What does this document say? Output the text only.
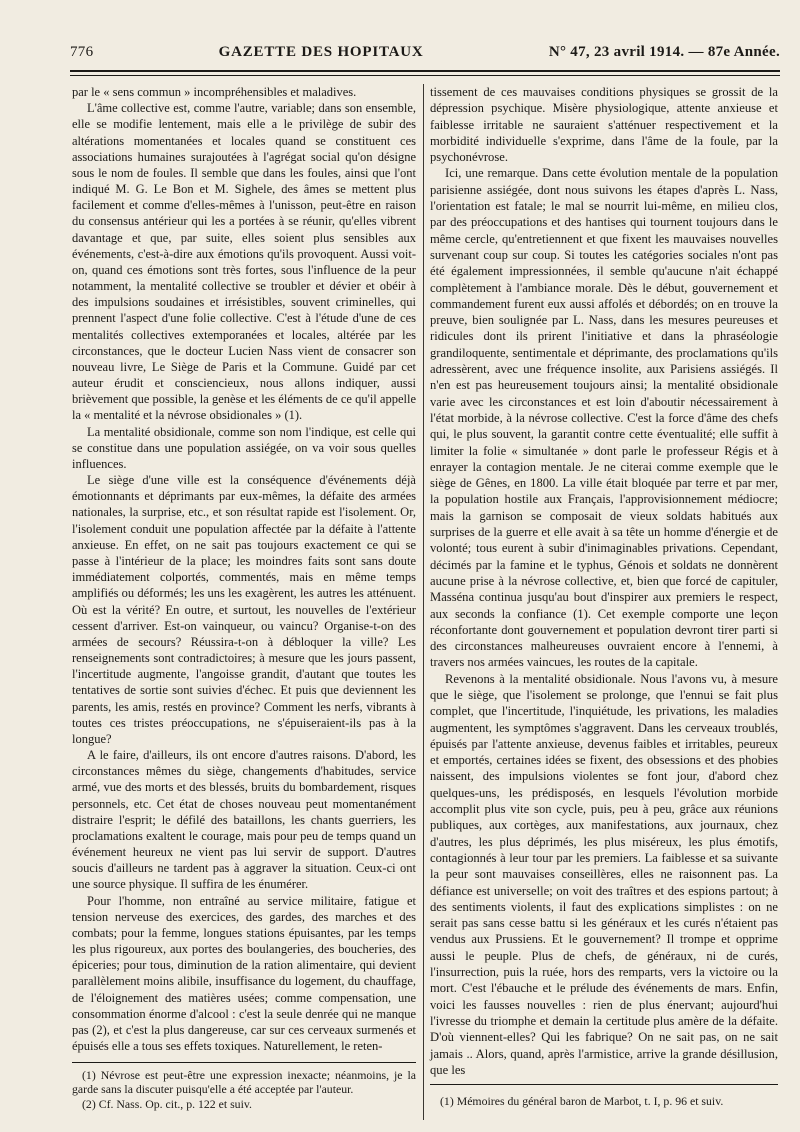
776	GAZETTE DES HOPITAUX	N° 47, 23 avril 1914. — 87e Année.

par le « sens commun » incompréhensibles et maladives.

L'âme collective est, comme l'autre, variable; dans son ensemble, elle se modifie lentement, mais elle a le privilège de subir des altérations momentanées et locales quand se constituent ces associations humaines surajoutées à l'agrégat social qu'on désigne sous le nom de foules. Il semble que dans les foules, ainsi que l'ont indiqué M. G. Le Bon et M. Sighele, des âmes se mettent plus facilement et comme d'elles-mêmes à l'unisson, peut-être en raison du consensus antérieur qui les a portées à se réunir, qu'elles vibrent davantage et que, par suite, elles soient plus sensibles aux événements, c'est-à-dire aux émotions qu'ils provoquent. Aussi voit-on, quand ces émotions sont très fortes, sous l'influence de la peur notamment, la mentalité collective se troubler et dévier et obéir à des impulsions soudaines et irrésistibles, souvent criminelles, qui prennent l'aspect d'une folie collective. C'est à l'étude d'une de ces mentalités collectives extemporanées et locales, altérée par les circonstances, que le docteur Lucien Nass vient de consacrer son nouveau livre, Le Siège de Paris et la Commune. Guidé par cet auteur érudit et consciencieux, nous allons indiquer, aussi brièvement que possible, la genèse et les éléments de ce qu'il appelle la « mentalité et la névrose obsidionales » (1).

La mentalité obsidionale, comme son nom l'indique, est celle qui se constitue dans une population assiégée, on va voir sous quelles influences.

Le siège d'une ville est la conséquence d'événements déjà émotionnants et déprimants par eux-mêmes, la défaite des armées nationales, la surprise, etc., et son résultat rapide est l'isolement. Or, l'isolement conduit une population affectée par la défaite à l'attente anxieuse. En effet, on ne sait pas toujours exactement ce qui se passe à l'intérieur de la place; les moindres faits sont sans doute immédiatement colportés, commentés, mais en même temps amplifiés ou déformés; les uns les exagèrent, les autres les atténuent. Où est la vérité? En outre, et surtout, les nouvelles de l'extérieur cessent d'arriver. Est-on vainqueur, ou vaincu? Organise-t-on des armées de secours? Réussira-t-on à débloquer la ville? Les renseignements sont contradictoires; à mesure que les jours passent, l'incertitude augmente, l'angoisse grandit, d'autant que toutes les tentatives de sortie sont suivies d'échec. Et puis que deviennent les parents, les amis, restés en province? Comment les nerfs, vibrants à toutes ces tristes préoccupations, ne s'épuiseraient-ils pas à la longue?

A le faire, d'ailleurs, ils ont encore d'autres raisons. D'abord, les circonstances mêmes du siège, changements d'habitudes, service armé, vue des morts et des blessés, bruits du bombardement, risques personnels, etc. Cet état de choses nouveau peut momentanément distraire l'esprit; le défilé des bataillons, les chants guerriers, les proclamations exaltent le courage, mais pour peu de temps quand un événement heureux ne vient pas lui servir de support. D'autres soucis d'ailleurs ne tardent pas à aggraver la situation. Ceux-ci ont une source physique. Il suffira de les énumérer.

Pour l'homme, non entraîné au service militaire, fatigue et tension nerveuse des exercices, des gardes, des marches et des combats; pour la femme, longues stations épuisantes, par les temps les plus rigoureux, aux portes des boulangeries, des boucheries, des épiceries; pour tous, diminution de la ration alimentaire, qui devient parallèlement moins alibile, insuffisance du logement, du chauffage, de l'éloignement des matières usées; comme compensation, une consommation énorme d'alcool : c'est la seule denrée qui ne manque pas (2), et c'est la plus dangereuse, car sur ces cerveaux surmenés et épuisés elle a tous ses effets toxiques. Naturellement, le reten-

tissement de ces mauvaises conditions physiques se grossit de la dépression psychique. Misère physiologique, attente anxieuse et faiblesse irritable ne sauraient s'atténuer respectivement et la morbidité individuelle s'exprime, dans l'âme de la foule, par la psychonévrose.

Ici, une remarque. Dans cette évolution mentale de la population parisienne assiégée, dont nous suivons les étapes d'après L. Nass, l'orientation est fatale; le mal se nourrit lui-même, en milieu clos, par des préoccupations et des hantises qui tournent toujours dans le même cercle, qu'entretiennent et que fixent les mauvaises nouvelles survenant coup sur coup. Si toutes les catégories sociales n'ont pas été également impressionnées, il semble qu'aucune n'ait échappé complètement à l'ambiance morale. Dès le début, gouvernement et commandement furent eux aussi affolés et débordés; on en trouve la preuve, bien soulignée par L. Nass, dans les mesures peureuses et ridicules dont ils prirent l'initiative et dans la phraséologie grandiloquente, sentimentale et déprimante, des proclamations qu'ils adressèrent, avec une fréquence insolite, aux Parisiens assiégés. Il n'en est pas heureusement toujours ainsi; la mentalité obsidionale varie avec les circonstances et est loin d'aboutir nécessairement à l'état morbide, à la névrose collective. C'est la force d'âme des chefs qui, le plus souvent, la garantit contre cette éventualité; elle suffit à limiter la folie « simultanée » dont parle le professeur Régis et à enrayer la contagion mentale. Je ne citerai comme exemple que le siège de Gênes, en 1800. La ville était bloquée par terre et par mer, la population hostile aux Français, l'approvisionnement médiocre; mais la garnison se composait de vieux soldats habitués aux surprises de la guerre et elle avait à sa tête un homme d'énergie et de volonté; tous eurent à subir d'inimaginables privations. Cependant, décimés par la famine et le typhus, Génois et soldats ne donnèrent aucune prise à la névrose collective, et, bien que forcé de capituler, Masséna continua jusqu'au bout d'inspirer aux premiers le respect, aux seconds la confiance (1). Cet exemple comporte une leçon réconfortante dont gouvernement et population devront tirer parti si des circonstances malheureuses ouvraient encore à l'ennemi, à travers nos armées vaincues, les routes de la capitale.

Revenons à la mentalité obsidionale. Nous l'avons vu, à mesure que le siège, que l'isolement se prolonge, que l'ennui se fait plus complet, que l'incertitude, l'inquiétude, les privations, les maladies augmentent, les symptômes s'aggravent. Dans les cerveaux troublés, épuisés par l'attente anxieuse, devenus faibles et irritables, peureux et emportés, certaines idées se fixent, des obsessions et des phobies naissent, des impulsions violentes se font jour, d'abord chez quelques-uns, les prédisposés, en lesquels l'évolution morbide accomplit plus vite son cycle, puis, peu à peu, grâce aux réunions publiques, aux cortèges, aux manifestations, aux journaux, chez d'autres, les plus déprimés, les plus miséreux, les plus émotifs, contagionnés à leur tour par les premiers. La faiblesse et sa suivante la peur sont mauvaises conseillères, elles ne raisonnent pas. La défiance est universelle; on voit des traîtres et des espions partout; à des sentiments violents, il faut des explications simplistes : on ne serait pas sans cesse battu si les généraux et les curés n'étaient pas vendus aux Prussiens. Et le gouvernement? Il trompe et opprime aussi le peuple. Plus de chefs, de généraux, ni de curés, l'insurrection, puis la ruée, hors des remparts, vers la victoire ou la mort. C'est l'ébauche et le prélude des événements de mars. Enfin, voici les fausses nouvelles : rien de plus énervant; aujourd'hui l'ivresse du triomphe et demain la certitude plus amère de la défaite. D'où viennent-elles? Qui les fabrique? On ne sait pas, on ne sait jamais .. Alors, quand, après l'armistice, arrive la grande désillusion, que les

(1) Névrose est peut-être une expression inexacte; néanmoins, je la garde sans la discuter puisqu'elle a été acceptée par l'auteur.

(2) Cf. Nass. Op. cit., p. 122 et suiv.	(1) Mémoires du général baron de Marbot, t. I, p. 96 et suiv.
